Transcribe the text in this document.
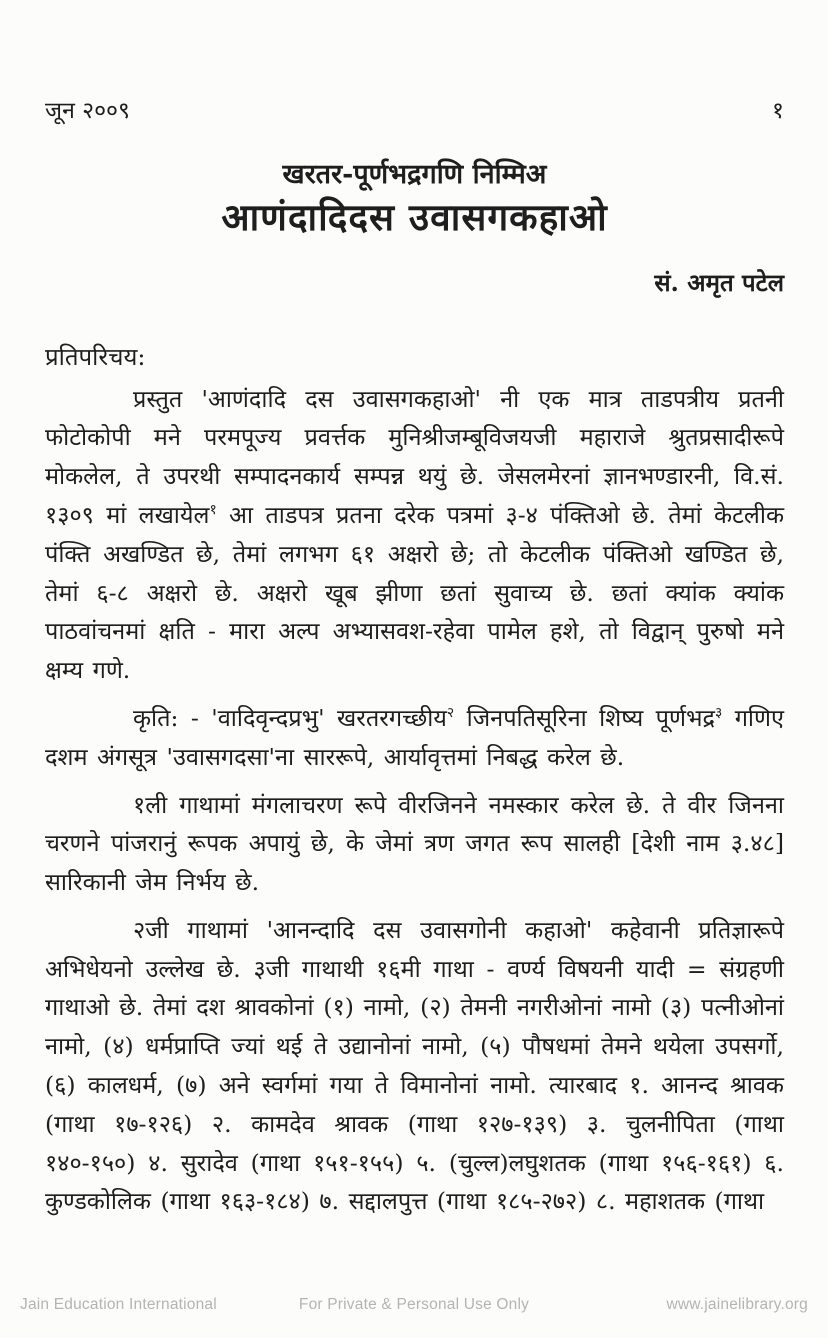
जून २००९	१

खरतर-पूर्णभद्रगणि निम्मिअ

आणंदादिदस उवासगकहाओ

सं. अमृत पटेल
प्रतिपरिचय:

प्रस्तुत 'आणंदादि दस उवासगकहाओ' नी एक मात्र ताडपत्रीय प्रतनी फोटोकोपी मने परमपूज्य प्रवर्त्तक मुनिश्रीजम्बूविजयजी महाराजे श्रुतप्रसादीरूपे मोकलेल, ते उपरथी सम्पादनकार्य सम्पन्न थयुं छे. जेसलमेरनां ज्ञानभण्डारनी, वि.सं. १३०९ मां लखायेल$^१$ आ ताडपत्र प्रतना दरेक पत्रमां ३-४ पंक्तिओ छे. तेमां केटलीक पंक्ति अखण्डित छे, तेमां लगभग ६१ अक्षरो छे; तो केटलीक पंक्तिओ खण्डित छे, तेमां ६-८ अक्षरो छे. अक्षरो खूब झीणा छतां सुवाच्य छे. छतां क्यांक क्यांक पाठवांचनमां क्षति - मारा अल्प अभ्यासवश-रहेवा पामेल हशे, तो विद्वान् पुरुषो मने क्षम्य गणे.

कृति: - 'वादिवृन्दप्रभु' खरतरगच्छीय$^२$ जिनपतिसूरिना शिष्य पूर्णभद्र$^३$ गणिए दशम अंगसूत्र 'उवासगदसा'ना साररूपे, आर्यावृत्तमां निबद्ध करेल छे.

१ली गाथामां मंगलाचरण रूपे वीरजिनने नमस्कार करेल छे. ते वीर जिनना चरणने पांजरानुं रूपक अपायुं छे, के जेमां त्रण जगत रूप सालही [देशी नाम ३.४८] सारिकानी जेम निर्भय छे.

२जी गाथामां 'आनन्दादि दस उवासगोनी कहाओ' कहेवानी प्रतिज्ञारूपे अभिधेयनो उल्लेख छे. ३जी गाथाथी १६मी गाथा - वर्ण्य विषयनी यादी = संग्रहणी गाथाओ छे. तेमां दश श्रावकोनां (१) नामो, (२) तेमनी नगरीओनां नामो (३) पत्नीओनां नामो, (४) धर्मप्राप्ति ज्यां थई ते उद्यानोनां नामो, (५) पौषधमां तेमने थयेला उपसर्गो, (६) कालधर्म, (७) अने स्वर्गमां गया ते विमानोनां नामो. त्यारबाद १. आनन्द श्रावक (गाथा १७-१२६) २. कामदेव श्रावक (गाथा १२७-१३९) ३. चुलनीपिता (गाथा १४०-१५०) ४. सुरादेव (गाथा १५१-१५५) ५. (चुल्ल)लघुशतक (गाथा १५६-१६१) ६. कुण्डकोलिक (गाथा १६३-१८४) ७. सद्दालपुत्त (गाथा १८५-२७२) ८. महाशतक (गाथा

Jain Education International	For Private & Personal Use Only	www.jainelibrary.org
